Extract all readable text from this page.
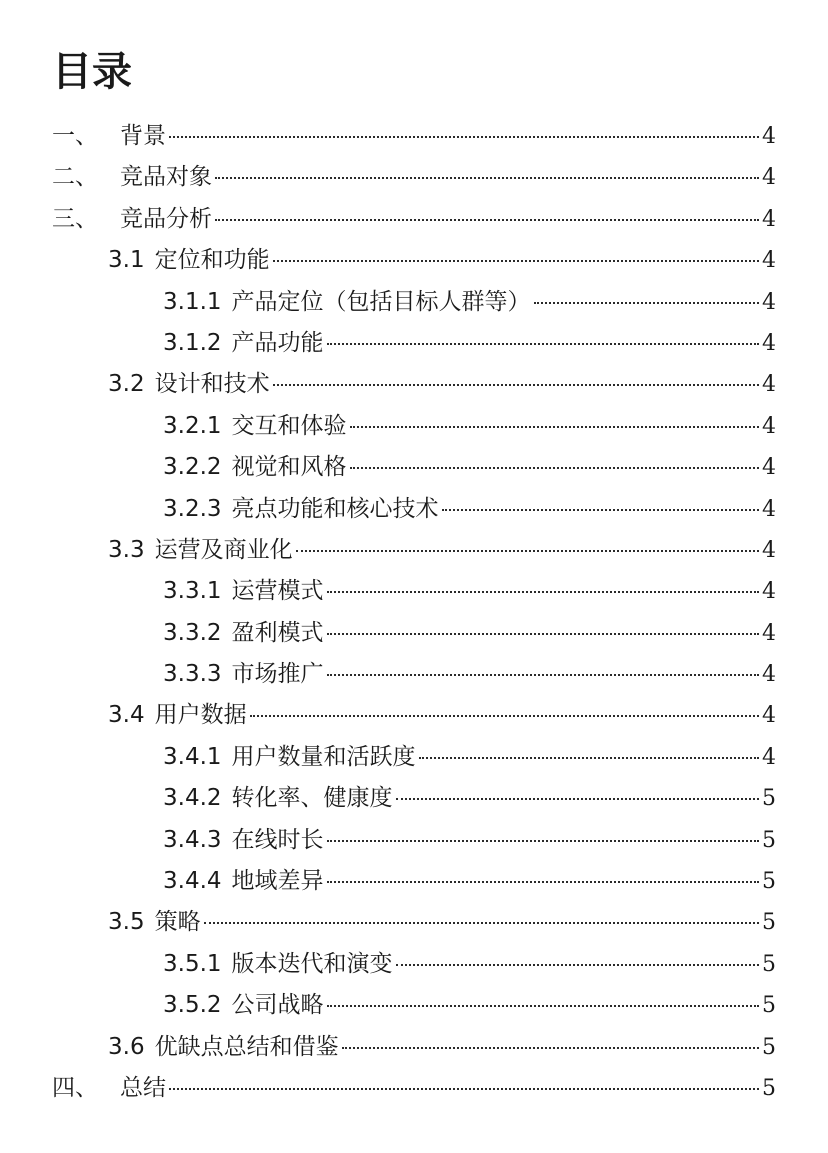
目录
一、 背景	4
二、 竞品对象	4
三、 竞品分析	4
3.1 定位和功能	4
3.1.1 产品定位（包括目标人群等）	4
3.1.2 产品功能	4
3.2 设计和技术	4
3.2.1 交互和体验	4
3.2.2 视觉和风格	4
3.2.3 亮点功能和核心技术	4
3.3 运营及商业化	4
3.3.1 运营模式	4
3.3.2 盈利模式	4
3.3.3 市场推广	4
3.4 用户数据	4
3.4.1 用户数量和活跃度	4
3.4.2 转化率、健康度	5
3.4.3 在线时长	5
3.4.4 地域差异	5
3.5 策略	5
3.5.1 版本迭代和演变	5
3.5.2 公司战略	5
3.6 优缺点总结和借鉴	5
四、 总结	5
